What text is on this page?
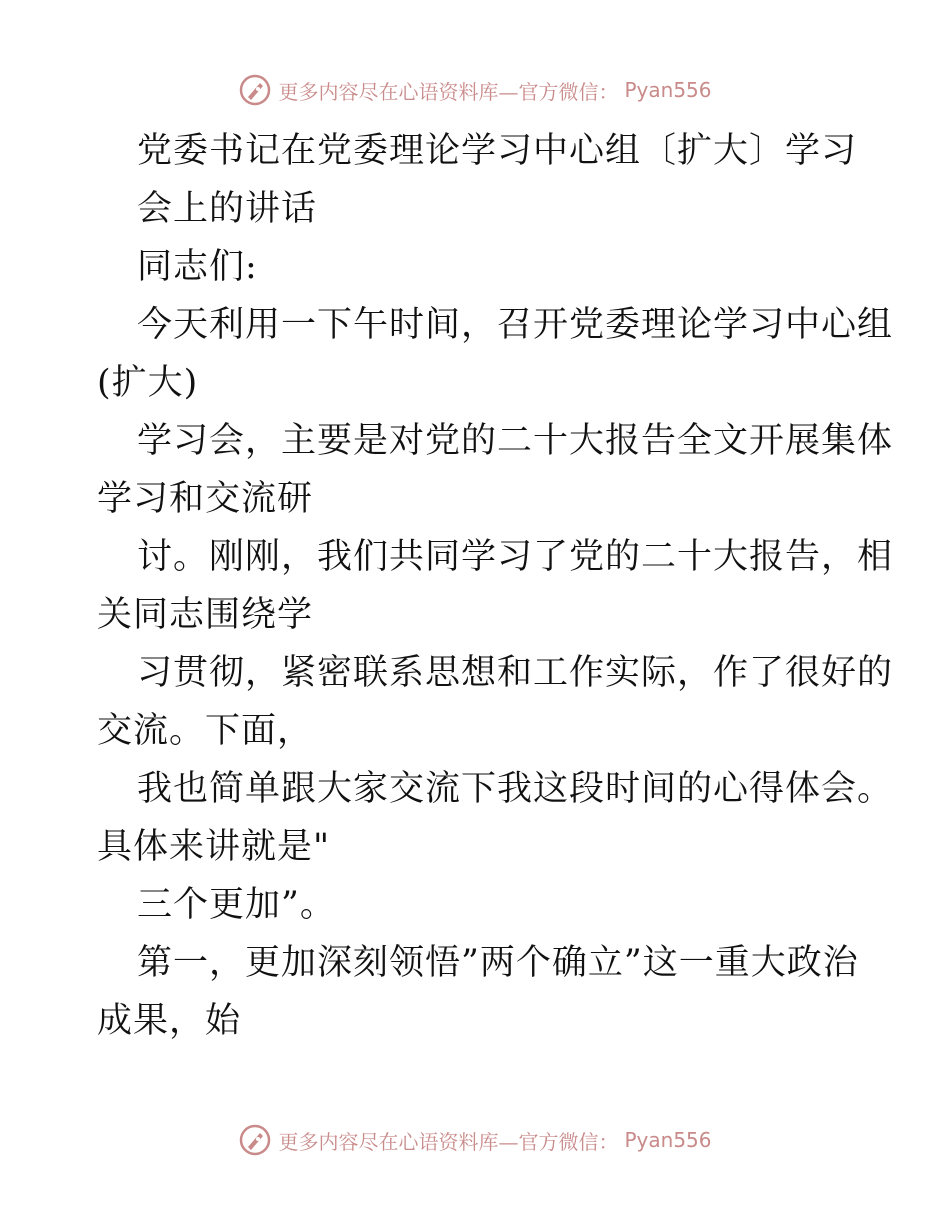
更多内容尽在心语资料库—官方微信： Pyan556
党委书记在党委理论学习中心组〔扩大〕学习
会上的讲话
同志们:
今天利用一下午时间，召开党委理论学习中心组
(扩大)
学习会，主要是对党的二十大报告全文开展集体
学习和交流研
讨。刚刚，我们共同学习了党的二十大报告，相
关同志围绕学
习贯彻，紧密联系思想和工作实际，作了很好的
交流。下面，
我也简单跟大家交流下我这段时间的心得体会。
具体来讲就是"
三个更加”。
第一，更加深刻领悟”两个确立”这一重大政治
成果，始
更多内容尽在心语资料库—官方微信： Pyan556
